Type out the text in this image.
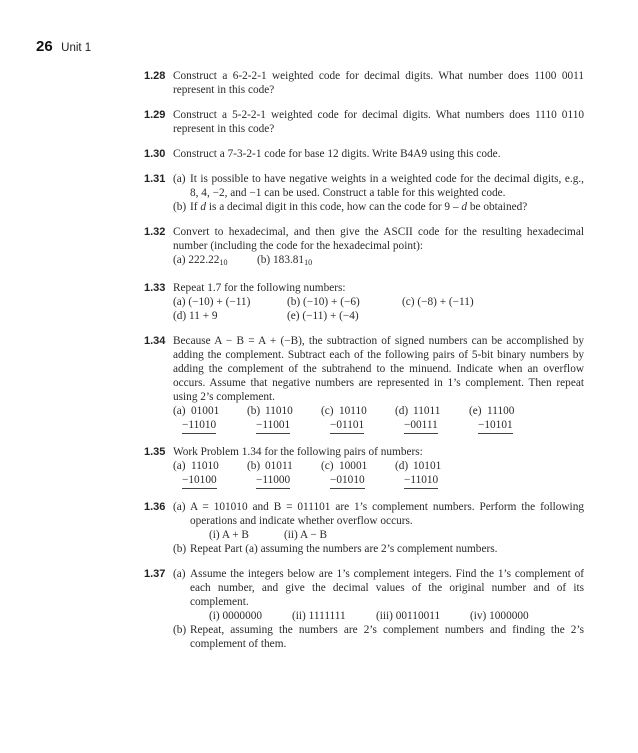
26 Unit 1
1.28 Construct a 6-2-2-1 weighted code for decimal digits. What number does 1100 0011 represent in this code?
1.29 Construct a 5-2-2-1 weighted code for decimal digits. What numbers does 1110 0110 represent in this code?
1.30 Construct a 7-3-2-1 code for base 12 digits. Write B4A9 using this code.
1.31 (a) It is possible to have negative weights in a weighted code for the decimal digits, e.g., 8, 4, −2, and −1 can be used. Construct a table for this weighted code.
(b) If d is a decimal digit in this code, how can the code for 9 – d be obtained?
1.32 Convert to hexadecimal, and then give the ASCII code for the resulting hexadecimal number (including the code for the hexadecimal point):
(a) 222.2210	(b) 183.8110
1.33 Repeat 1.7 for the following numbers:
(a) (−10) + (−11)	(b) (−10) + (−6)	(c) (−8) + (−11)
(d) 11 + 9	(e) (−11) + (−4)
1.34 Because A − B = A + (−B), the subtraction of signed numbers can be accomplished by adding the complement. Subtract each of the following pairs of 5-bit binary numbers by adding the complement of the subtrahend to the minuend. Indicate when an overflow occurs. Assume that negative numbers are represented in 1’s complement. Then repeat using 2’s complement.
(a) 01001
−11010
(b) 11010
−11001
(c) 10110
−01101
(d) 11011
−00111
(e) 11100
−10101
1.35 Work Problem 1.34 for the following pairs of numbers:
(a) 11010
−10100
(b) 01011
−11000
(c) 10001
−01010
(d) 10101
−11010
1.36 (a) A = 101010 and B = 011101 are 1’s complement numbers. Perform the following operations and indicate whether overflow occurs.
(i) A + B	(ii) A − B
(b) Repeat Part (a) assuming the numbers are 2’s complement numbers.
1.37 (a) Assume the integers below are 1’s complement integers. Find the 1’s complement of each number, and give the decimal values of the original number and of its complement.
(i) 0000000	(ii) 1111111	(iii) 00110011	(iv) 1000000
(b) Repeat, assuming the numbers are 2’s complement numbers and finding the 2’s complement of them.
